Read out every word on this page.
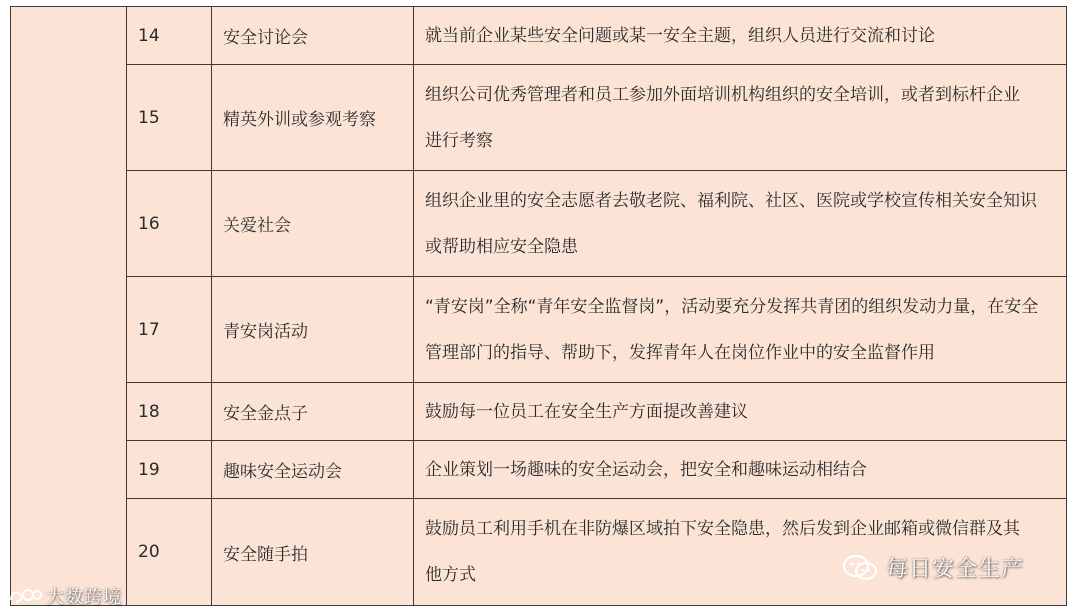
	14	安全讨论会	就当前企业某些安全问题或某一安全主题，组织人员进行交流和讨论
	15	精英外训或参观考察	组织公司优秀管理者和员工参加外面培训机构组织的安全培训，或者到标杆企业
进行考察
	16	关爱社会	组织企业里的安全志愿者去敬老院、福利院、社区、医院或学校宣传相关安全知识
或帮助相应安全隐患
	17	青安岗活动	“青安岗”全称“青年安全监督岗”，活动要充分发挥共青团的组织发动力量，在安全
管理部门的指导、帮助下，发挥青年人在岗位作业中的安全监督作用
	18	安全金点子	鼓励每一位员工在安全生产方面提改善建议
	19	趣味安全运动会	企业策划一场趣味的安全运动会，把安全和趣味运动相结合
	20	安全随手拍	鼓励员工利用手机在非防爆区域拍下安全隐患，然后发到企业邮箱或微信群及其
他方式
大数跨境
每日安全生产
